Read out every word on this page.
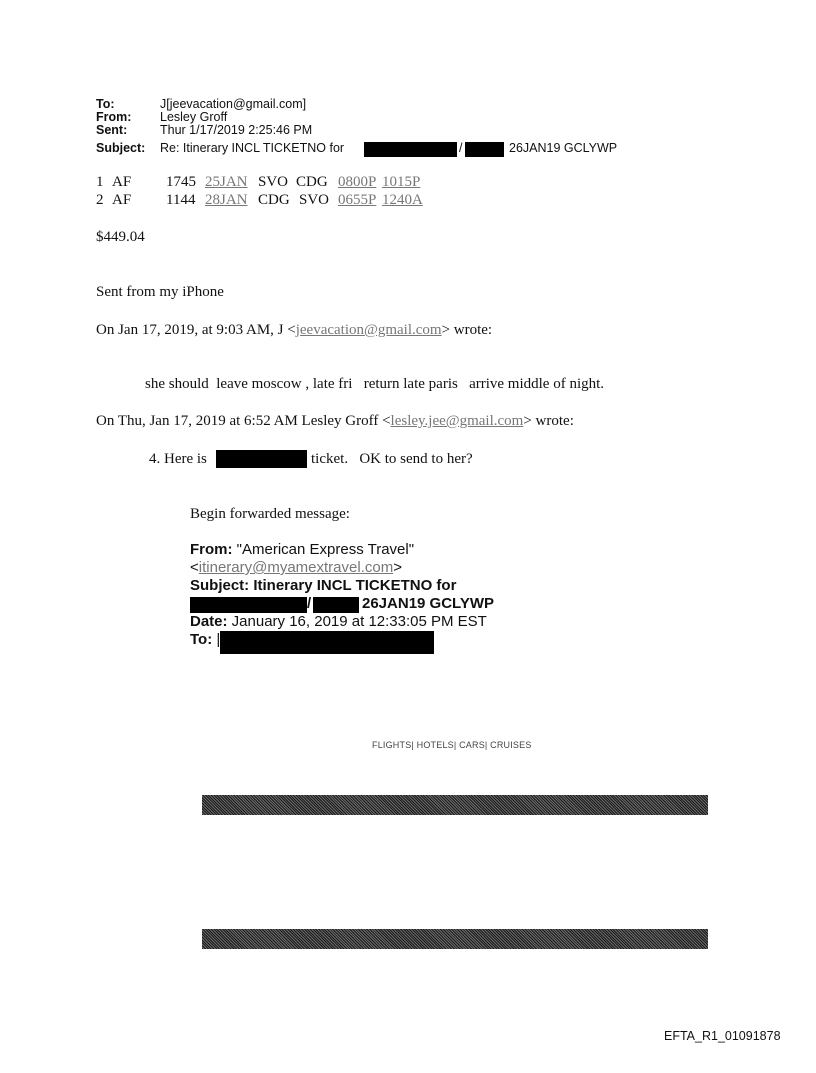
To:	J[jeevacation@gmail.com]
From: Lesley Groff
Sent:	Thur 1/17/2019 2:25:46 PM
Subject: Re: Itinerary INCL TICKETNO for	/	26JAN19 GCLYWP
1 AF 1745 25JAN SVO CDG 0800P 1015P
2 AF 1144 28JAN CDG SVO 0655P 1240A
$449.04
Sent from my iPhone
On Jan 17, 2019, at 9:03 AM, J <jeevacation@gmail.com> wrote:
she should  leave moscow , late fri   return late paris   arrive middle of night.
On Thu, Jan 17, 2019 at 6:52 AM Lesley Groff <lesley.jee@gmail.com> wrote:
4. Here is	ticket.   OK to send to her?
Begin forwarded message:
From: "American Express Travel"
<itinerary@myamextravel.com>
Subject: Itinerary INCL TICKETNO for
/	26JAN19 GCLYWP
Date: January 16, 2019 at 12:33:05 PM EST
To: |
FLIGHTS| HOTELS| CARS| CRUISES
EFTA_R1_01091878
